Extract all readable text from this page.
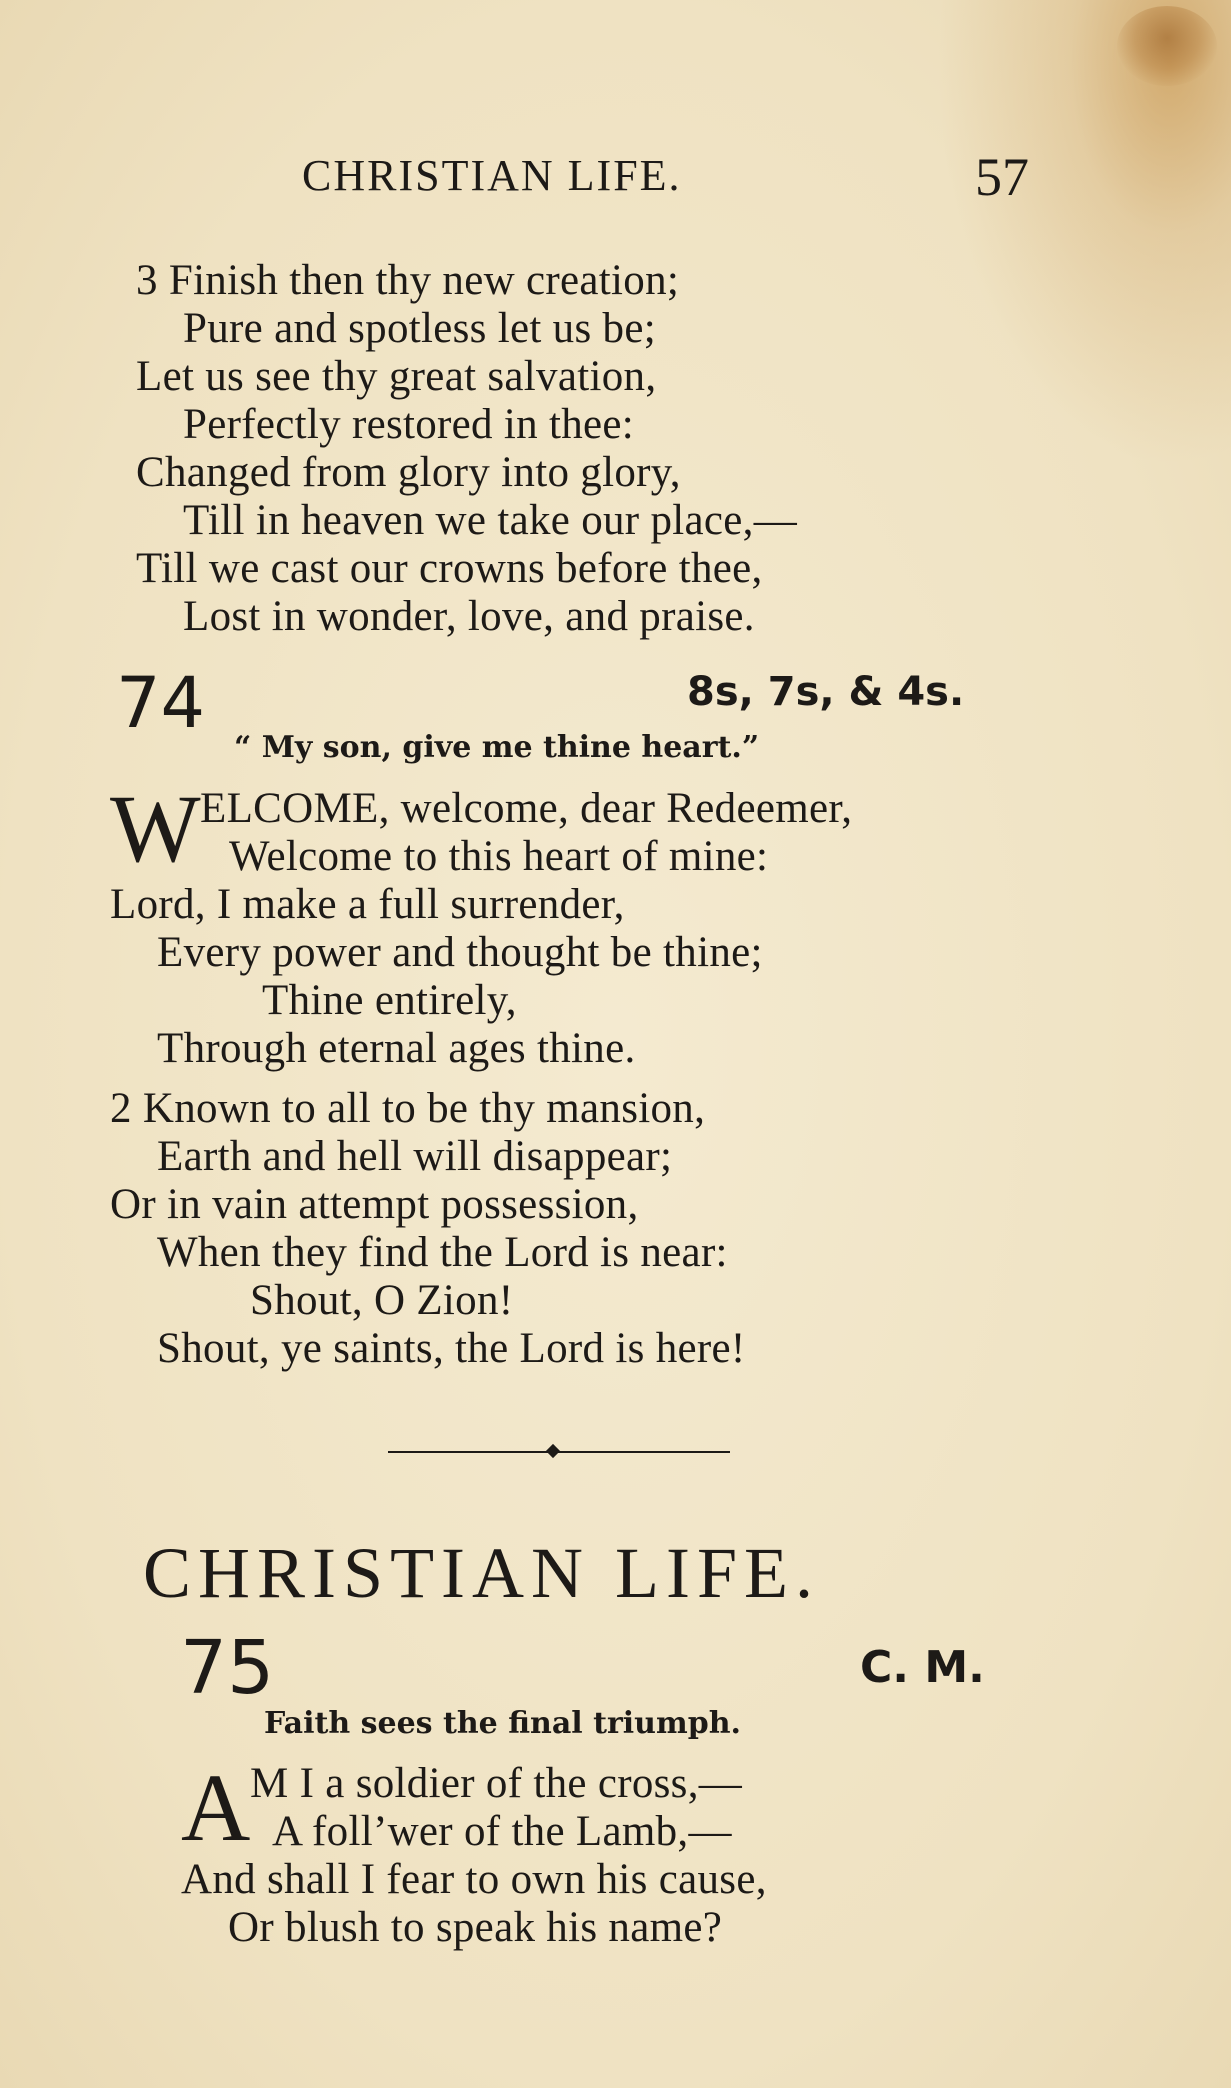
CHRISTIAN LIFE.	57
3 Finish then thy new creation;
Pure and spotless let us be;
Let us see thy great salvation,
Perfectly restored in thee:
Changed from glory into glory,
Till in heaven we take our place,—
Till we cast our crowns before thee,
Lost in wonder, love, and praise.
74	8s, 7s, & 4s.
“ My son, give me thine heart.”
W ELCOME, welcome, dear Redeemer,
Welcome to this heart of mine:
Lord, I make a full surrender,
Every power and thought be thine;
Thine entirely,
Through eternal ages thine.
2 Known to all to be thy mansion,
Earth and hell will disappear;
Or in vain attempt possession,
When they find the Lord is near:
Shout, O Zion!
Shout, ye saints, the Lord is here!
CHRISTIAN LIFE.
75	C. M.
Faith sees the final triumph.
A M I a soldier of the cross,—
A foll’wer of the Lamb,—
And shall I fear to own his cause,
Or blush to speak his name?
